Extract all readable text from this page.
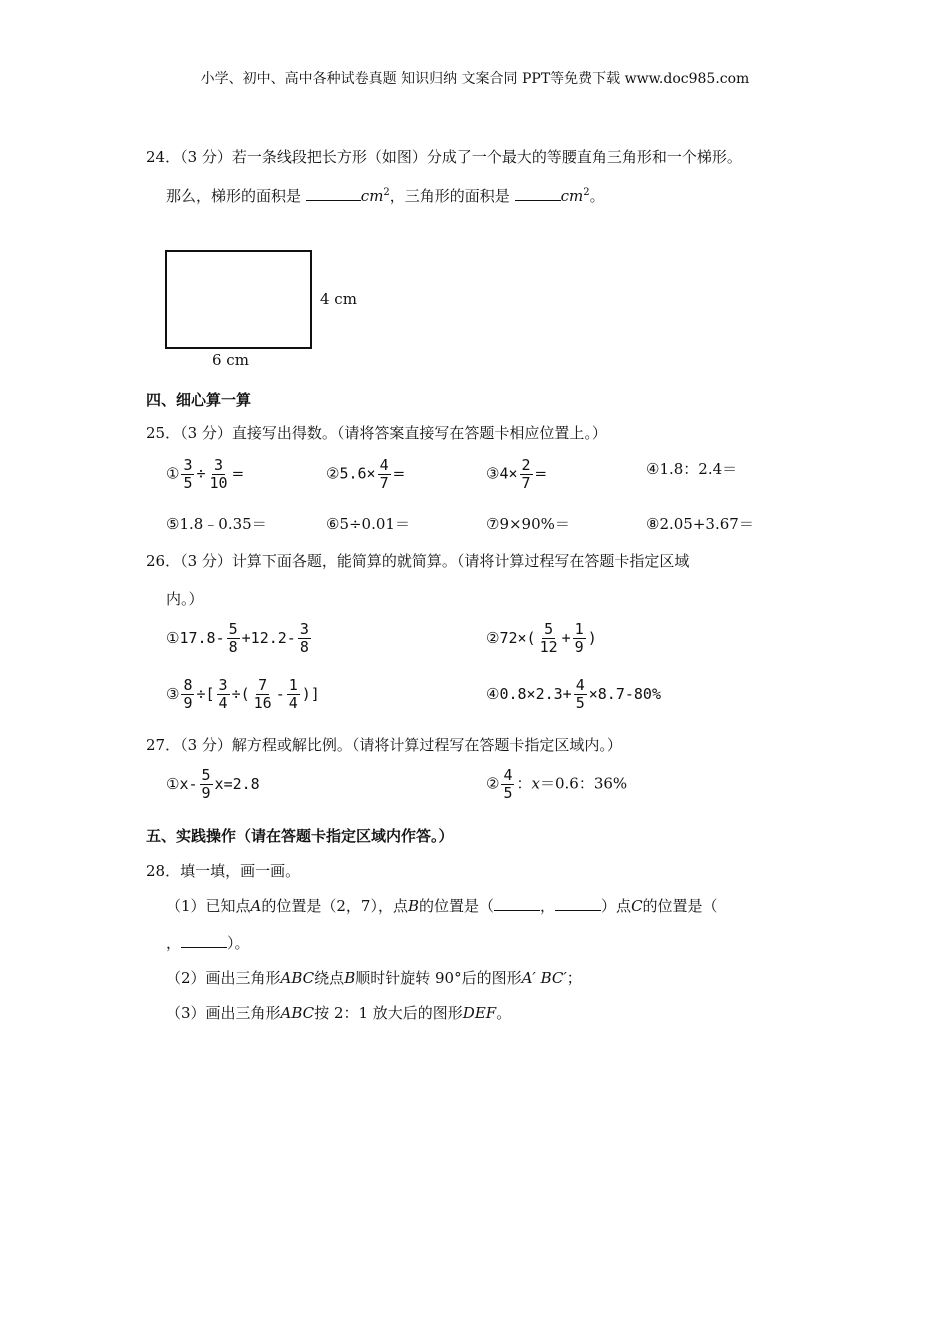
小学、初中、高中各种试卷真题 知识归纳 文案合同 PPT等免费下载 www.doc985.com
24．（3 分）若一条线段把长方形（如图）分成了一个最大的等腰直角三角形和一个梯形。
那么，梯形的面积是	$cm^2$，三角形的面积是	$cm^2$。
4 cm
6 cm
四、细心算一算
25．（3 分）直接写出得数。（请将答案直接写在答题卡相应位置上。）
① $\frac{3}{5} \div \frac{3}{10}$ =	②5.6× $\frac{4}{7}$ =	③4× $\frac{2}{7}$ =	④1.8：2.4＝
⑤1.8﹣0.35＝	⑥5÷0.01＝	⑦9×90%＝	⑧2.05+3.67＝
26．（3 分）计算下面各题，能简算的就简算。（请将计算过程写在答题卡指定区域
内。）
①17.8- $\frac{5}{8} +12.2- \frac{3}{8}$	②72×( $\frac{5}{12} + \frac{1}{9}$ )
③ $\frac{8}{9}$ ÷[ $\frac{3}{4}$ ÷( $\frac{7}{16} - \frac{1}{4}$ )]	④0.8×2.3+ $\frac{4}{5} \times 8.7-80\%$
27．（3 分）解方程或解比例。（请将计算过程写在答题卡指定区域内。）
①x- $\frac{5}{9} x=2.8$	② $\frac{4}{5}$ ：x＝0.6：36%
五、实践操作（请在答题卡指定区域内作答。）
28．填一填，画一画。
（1）已知点A的位置是（2，7），点B的位置是（	，	）点C的位置是（
，	）。
（2）画出三角形ABC绕点B顺时针旋转 90°后的图形A′ BC′；
（3）画出三角形ABC按 2：1 放大后的图形DEF。
